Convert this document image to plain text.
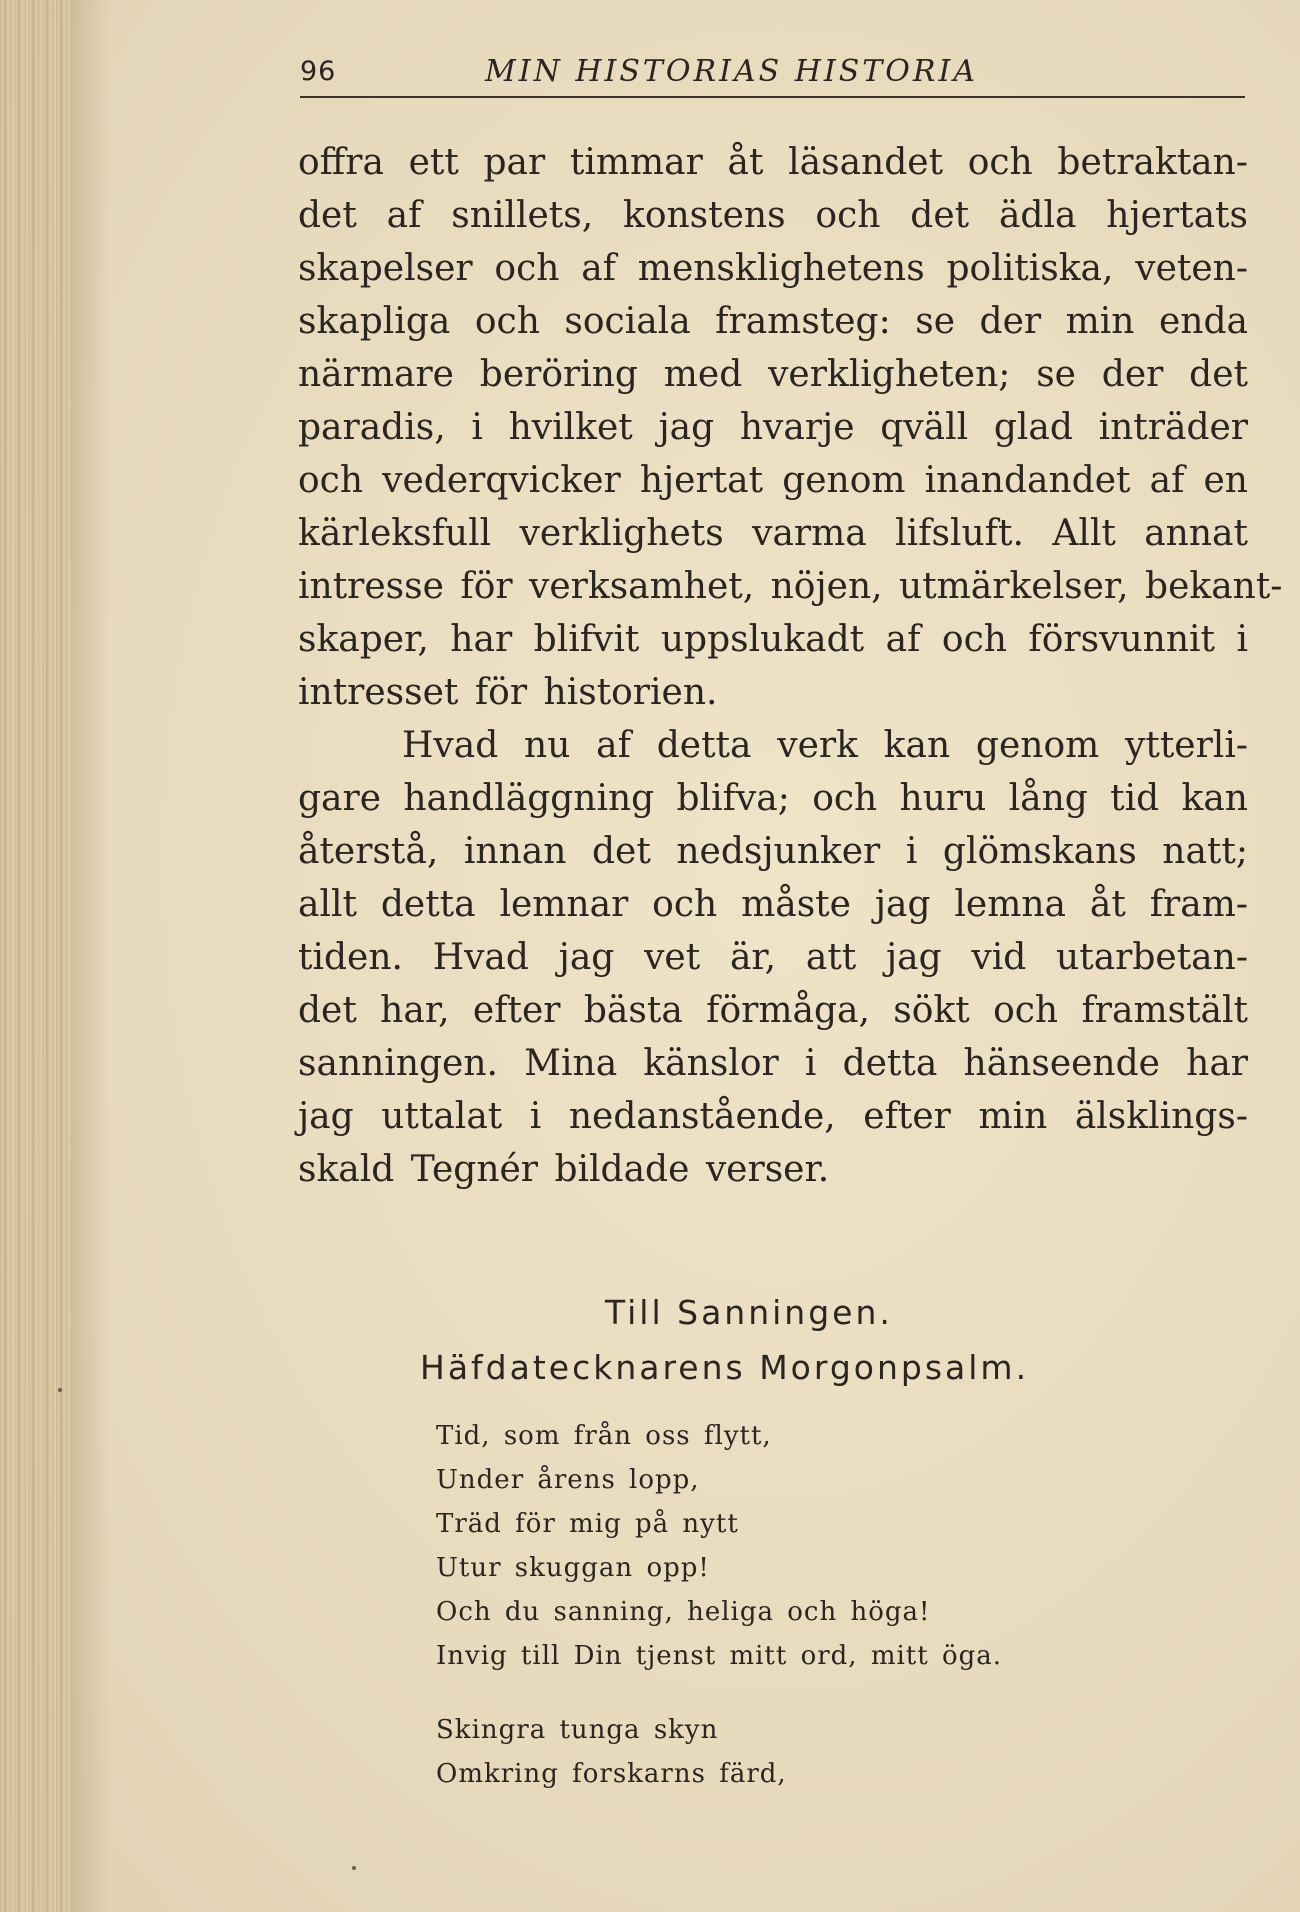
96	MIN HISTORIAS HISTORIA
offra ett par timmar åt läsandet och betraktan-
det af snillets, konstens och det ädla hjertats
skapelser och af mensklighetens politiska, veten-
skapliga och sociala framsteg: se der min enda
närmare beröring med verkligheten; se der det
paradis, i hvilket jag hvarje qväll glad inträder
och vederqvicker hjertat genom inandandet af en
kärleksfull verklighets varma lifsluft. Allt annat
intresse för verksamhet, nöjen, utmärkelser, bekant-
skaper, har blifvit uppslukadt af och försvunnit i
intresset för historien.
Hvad nu af detta verk kan genom ytterli-
gare handläggning blifva; och huru lång tid kan
återstå, innan det nedsjunker i glömskans natt;
allt detta lemnar och måste jag lemna åt fram-
tiden. Hvad jag vet är, att jag vid utarbetan-
det har, efter bästa förmåga, sökt och framstält
sanningen. Mina känslor i detta hänseende har
jag uttalat i nedanstående, efter min älsklings-
skald Tegnér bildade verser.
Till Sanningen.
Häfdatecknarens Morgonpsalm.
Tid, som från oss flytt,
Under årens lopp,
Träd för mig på nytt
Utur skuggan opp!
Och du sanning, heliga och höga!
Invig till Din tjenst mitt ord, mitt öga.
Skingra tunga skyn
Omkring forskarns färd,
